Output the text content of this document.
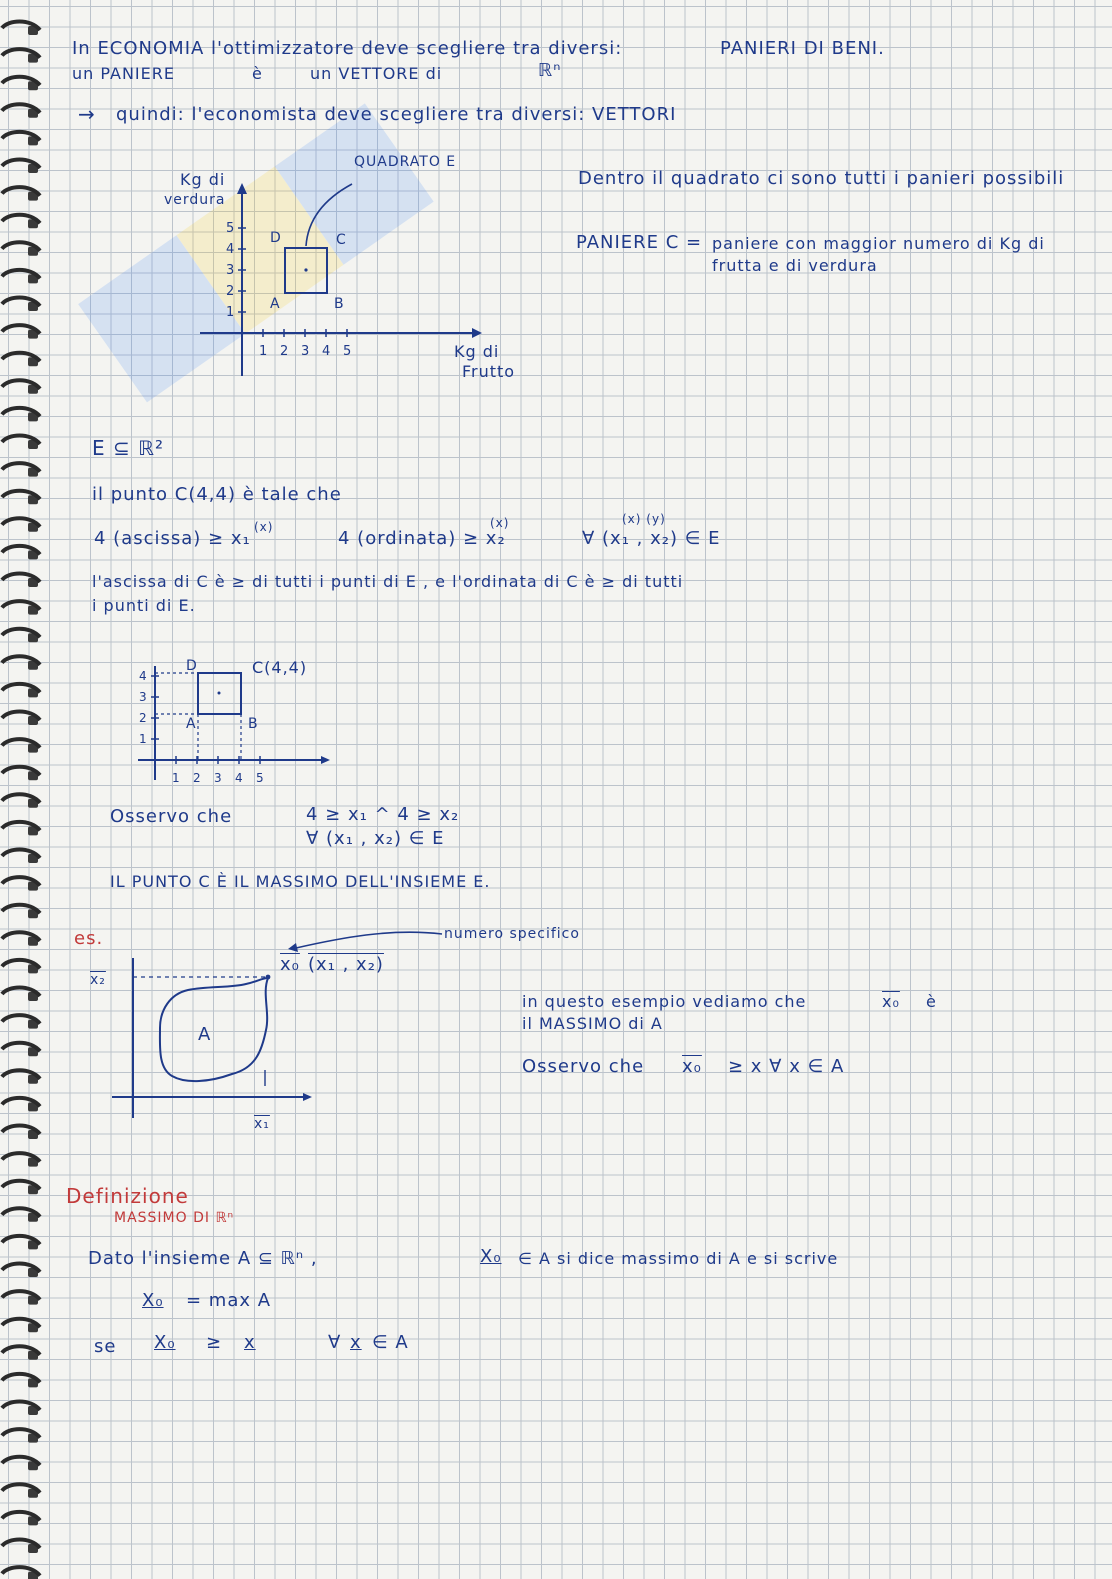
In ECONOMIA l'ottimizzatore deve scegliere tra diversi:	PANIERI DI BENI.
un PANIERE	è	un VETTORE di	ℝⁿ
→ quindi: l'economista deve scegliere tra diversi: VETTORI
Kg di
verdura
QUADRATO E
Kg di
Frutto
1
2
3
4
5
1 2 3 4 5
D	C
A	B
Dentro il quadrato ci sono tutti i panieri possibili
PANIERE C = paniere con maggior numero di Kg di
frutta e di verdura
E ⊆ ℝ²
il punto C(4,4) è tale che
(x)	(x)	(x) (y)
4 (ascissa) ≥ x₁	4 (ordinata) ≥ x₂	∀ (x₁ , x₂) ∈ E
l'ascissa di C è ≥ di tutti i punti di E , e l'ordinata di C è ≥ di tutti
i punti di E.
1
2
3
4
1 2 3 4 5
D	C(4,4)
A	B
Osservo che	4 ≥ x₁ ^ 4 ≥ x₂
∀ (x₁ , x₂) ∈ E
IL PUNTO C È IL MASSIMO DELL'INSIEME E.
es.	numero specifico
x₀ (x₁ , x₂)
x₂
x₁
A
in questo esempio vediamo che	x₀ è
il MASSIMO di A
Osservo che x₀ ≥ x ∀ x ∈ A
Definizione
MASSIMO DI ℝⁿ
Dato l'insieme A ⊆ ℝⁿ ,	X₀ ∈ A si dice massimo di A e si scrive
X₀ = max A
se X₀ ≥ x	∀ x ∈ A
